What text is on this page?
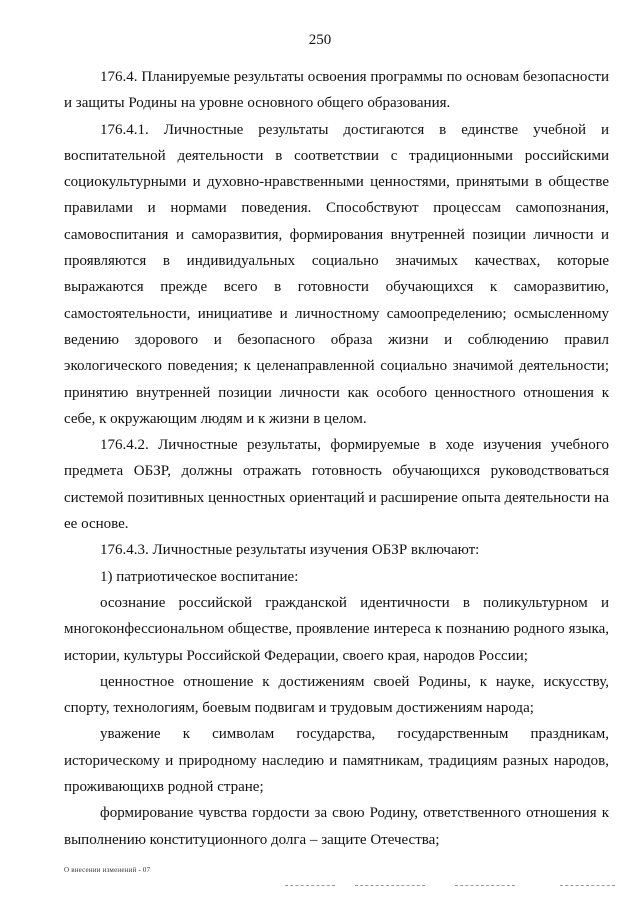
250

176.4. Планируемые результаты освоения программы по основам безопасности и защиты Родины на уровне основного общего образования.

176.4.1. Личностные результаты достигаются в единстве учебной и воспитательной деятельности в соответствии с традиционными российскими социокультурными и духовно-нравственными ценностями, принятыми в обществе правилами и нормами поведения. Способствуют процессам самопознания, самовоспитания и саморазвития, формирования внутренней позиции личности и проявляются в индивидуальных социально значимых качествах, которые выражаются прежде всего в готовности обучающихся к саморазвитию, самостоятельности, инициативе и личностному самоопределению; осмысленному ведению здорового и безопасного образа жизни и соблюдению правил экологического поведения; к целенаправленной социально значимой деятельности; принятию внутренней позиции личности как особого ценностного отношения к себе, к окружающим людям и к жизни в целом.

176.4.2. Личностные результаты, формируемые в ходе изучения учебного предмета ОБЗР, должны отражать готовность обучающихся руководствоваться системой позитивных ценностных ориентаций и расширение опыта деятельности на ее основе.

176.4.3. Личностные результаты изучения ОБЗР включают:

1) патриотическое воспитание:

осознание российской гражданской идентичности в поликультурном и многоконфессиональном обществе, проявление интереса к познанию родного языка, истории, культуры Российской Федерации, своего края, народов России;

ценностное отношение к достижениям своей Родины, к науке, искусству, спорту, технологиям, боевым подвигам и трудовым достижениям народа;

уважение к символам государства, государственным праздникам, историческому и природному наследию и памятникам, традициям разных народов, проживающихв родной стране;

формирование чувства гордости за свою Родину, ответственного отношения к выполнению конституционного долга – защите Отечества;

О внесении изменений - 07
